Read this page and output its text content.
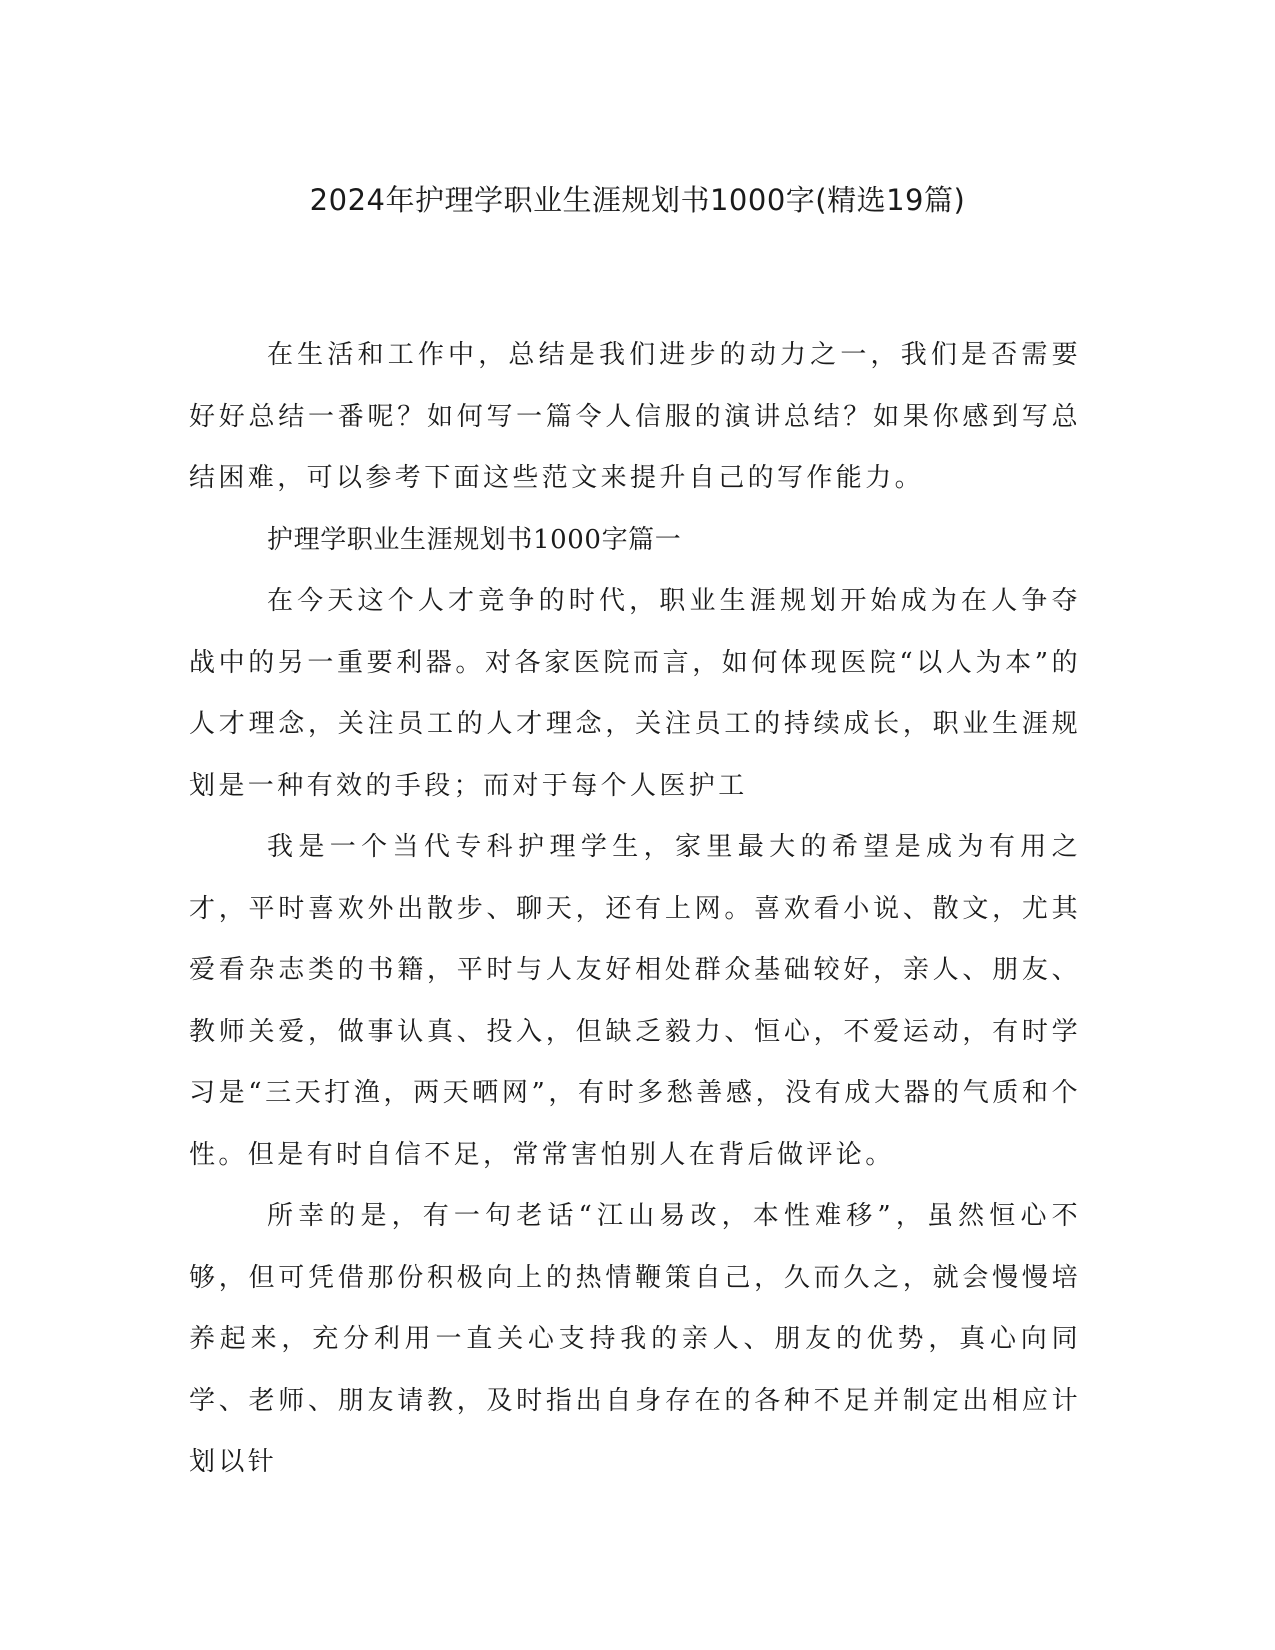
2024年护理学职业生涯规划书1000字(精选19篇)

在生活和工作中，总结是我们进步的动力之一，我们是否需要好好总结一番呢？如何写一篇令人信服的演讲总结？如果你感到写总结困难，可以参考下面这些范文来提升自己的写作能力。

护理学职业生涯规划书1000字篇一

在今天这个人才竞争的时代，职业生涯规划开始成为在人争夺战中的另一重要利器。对各家医院而言，如何体现医院“以人为本”的人才理念，关注员工的人才理念，关注员工的持续成长，职业生涯规划是一种有效的手段；而对于每个人医护工

我是一个当代专科护理学生，家里最大的希望是成为有用之才，平时喜欢外出散步、聊天，还有上网。喜欢看小说、散文，尤其爱看杂志类的书籍，平时与人友好相处群众基础较好，亲人、朋友、教师关爱，做事认真、投入，但缺乏毅力、恒心，不爱运动，有时学习是“三天打渔，两天晒网”，有时多愁善感，没有成大器的气质和个性。但是有时自信不足，常常害怕别人在背后做评论。

所幸的是，有一句老话“江山易改，本性难移”，虽然恒心不够，但可凭借那份积极向上的热情鞭策自己，久而久之，就会慢慢培养起来，充分利用一直关心支持我的亲人、朋友的优势，真心向同学、老师、朋友请教，及时指出自身存在的各种不足并制定出相应计划以针
